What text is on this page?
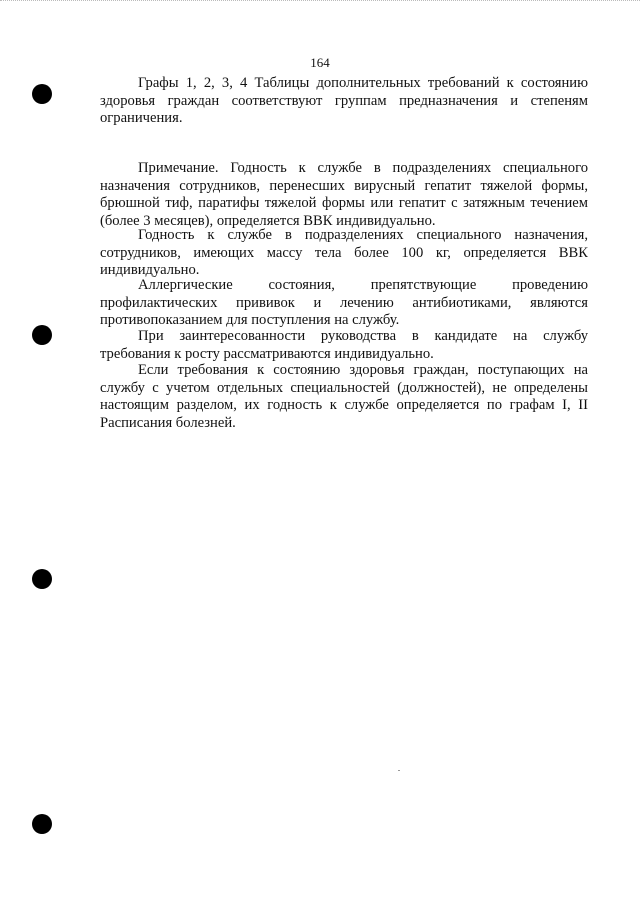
164

Графы 1, 2, 3, 4 Таблицы дополнительных требований к состоянию здоровья граждан соответствуют группам предназначения и степеням ограничения.

Примечание. Годность к службе в подразделениях специального назначения сотрудников, перенесших вирусный гепатит тяжелой формы, брюшной тиф, паратифы тяжелой формы или гепатит с затяжным течением (более 3 месяцев), определяется ВВК индивидуально.

Годность к службе в подразделениях специального назначения, сотрудников, имеющих массу тела более 100 кг, определяется ВВК индивидуально.

Аллергические состояния, препятствующие проведению профилактических прививок и лечению антибиотиками, являются противопоказанием для поступления на службу.

При заинтересованности руководства в кандидате на службу требования к росту рассматриваются индивидуально.

Если требования к состоянию здоровья граждан, поступающих на службу с учетом отдельных специальностей (должностей), не определены настоящим разделом, их годность к службе определяется по графам I, II Расписания болезней.
